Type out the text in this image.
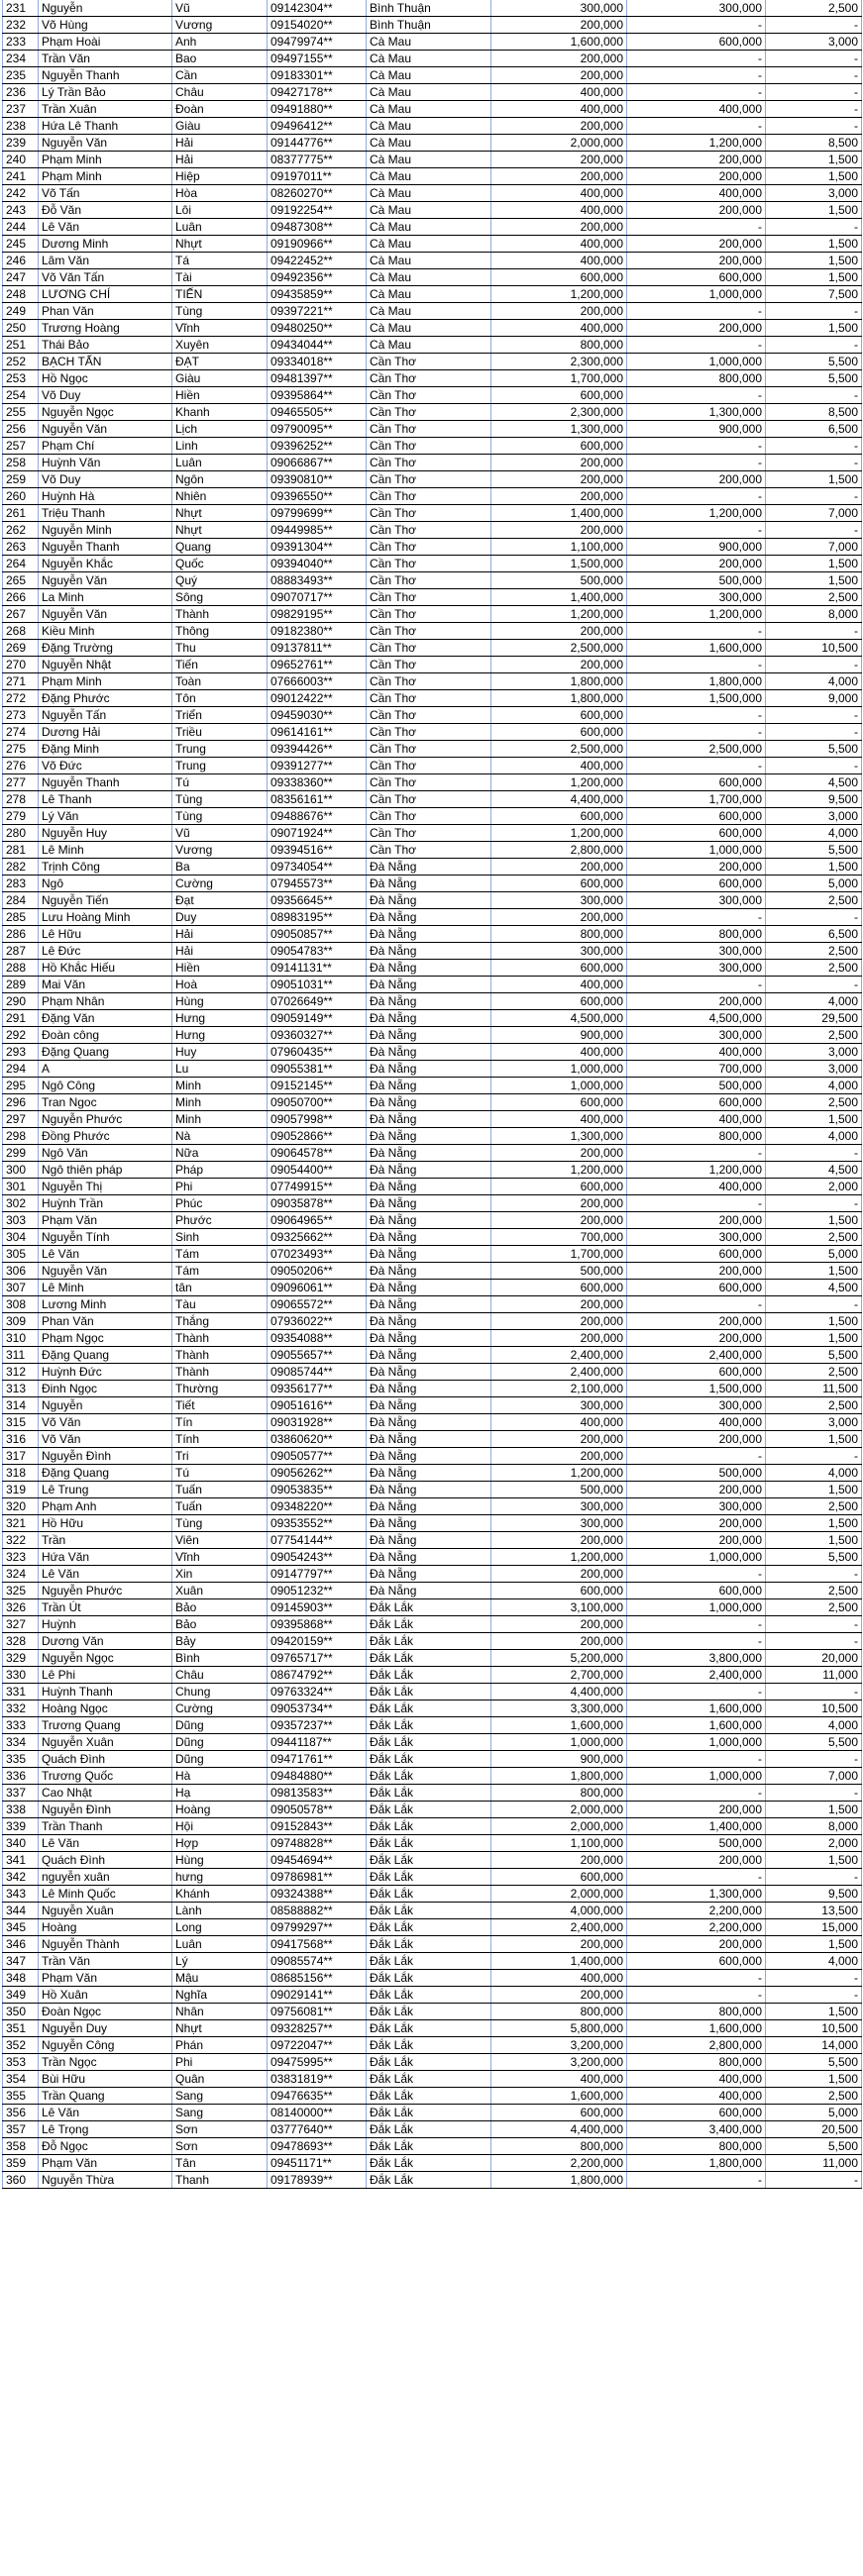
231	Nguyễn	Vũ	09142304**	Bình Thuận	300,000	300,000	2,500
232	Võ Hùng	Vương	09154020**	Bình Thuận	200,000	-	-
233	Phạm Hoài	Anh	09479974**	Cà Mau	1,600,000	600,000	3,000
234	Trần Văn	Bao	09497155**	Cà Mau	200,000	-	-
235	Nguyễn Thanh	Cần	09183301**	Cà Mau	200,000	-	-
236	Lý Trần Bảo	Châu	09427178**	Cà Mau	400,000	-	-
237	Trần Xuân	Đoàn	09491880**	Cà Mau	400,000	400,000	-
238	Hứa Lê Thanh	Giàu	09496412**	Cà Mau	200,000	-	-
239	Nguyễn Văn	Hải	09144776**	Cà Mau	2,000,000	1,200,000	8,500
240	Phạm Minh	Hải	08377775**	Cà Mau	200,000	200,000	1,500
241	Phạm Minh	Hiệp	09197011**	Cà Mau	200,000	200,000	1,500
242	Võ Tấn	Hòa	08260270**	Cà Mau	400,000	400,000	3,000
243	Đỗ Văn	Lôi	09192254**	Cà Mau	400,000	200,000	1,500
244	Lê Văn	Luân	09487308**	Cà Mau	200,000	-	-
245	Dương Minh	Nhựt	09190966**	Cà Mau	400,000	200,000	1,500
246	Lâm Văn	Tá	09422452**	Cà Mau	400,000	200,000	1,500
247	Võ Văn Tấn	Tài	09492356**	Cà Mau	600,000	600,000	1,500
248	LƯƠNG CHÍ	TIẾN	09435859**	Cà Mau	1,200,000	1,000,000	7,500
249	Phan Văn	Tùng	09397221**	Cà Mau	200,000	-	-
250	Trương Hoàng	Vĩnh	09480250**	Cà Mau	400,000	200,000	1,500
251	Thái Bảo	Xuyên	09434044**	Cà Mau	800,000	-	-
252	BẠCH TẤN	ĐẠT	09334018**	Cần Thơ	2,300,000	1,000,000	5,500
253	Hồ Ngọc	Giàu	09481397**	Cần Thơ	1,700,000	800,000	5,500
254	Võ Duy	Hiền	09395864**	Cần Thơ	600,000	-	-
255	Nguyễn Ngọc	Khanh	09465505**	Cần Thơ	2,300,000	1,300,000	8,500
256	Nguyễn Văn	Lịch	09790095**	Cần Thơ	1,300,000	900,000	6,500
257	Phạm Chí	Linh	09396252**	Cần Thơ	600,000	-	-
258	Huỳnh Văn	Luân	09066867**	Cần Thơ	200,000	-	-
259	Võ Duy	Ngôn	09390810**	Cần Thơ	200,000	200,000	1,500
260	Huỳnh Hà	Nhiên	09396550**	Cần Thơ	200,000	-	-
261	Triệu Thanh	Nhựt	09799699**	Cần Thơ	1,400,000	1,200,000	7,000
262	Nguyễn Minh	Nhựt	09449985**	Cần Thơ	200,000	-	-
263	Nguyễn Thanh	Quang	09391304**	Cần Thơ	1,100,000	900,000	7,000
264	Nguyễn Khắc	Quốc	09394040**	Cần Thơ	1,500,000	200,000	1,500
265	Nguyễn Văn	Quý	08883493**	Cần Thơ	500,000	500,000	1,500
266	La Minh	Sông	09070717**	Cần Thơ	1,400,000	300,000	2,500
267	Nguyễn Văn	Thành	09829195**	Cần Thơ	1,200,000	1,200,000	8,000
268	Kiều Minh	Thông	09182380**	Cần Thơ	200,000	-	-
269	Đặng Trường	Thu	09137811**	Cần Thơ	2,500,000	1,600,000	10,500
270	Nguyễn Nhật	Tiến	09652761**	Cần Thơ	200,000	-	-
271	Phạm Minh	Toàn	07666003**	Cần Thơ	1,800,000	1,800,000	4,000
272	Đặng Phước	Tôn	09012422**	Cần Thơ	1,800,000	1,500,000	9,000
273	Nguyễn Tấn	Triển	09459030**	Cần Thơ	600,000	-	-
274	Dương Hải	Triều	09614161**	Cần Thơ	600,000	-	-
275	Đặng Minh	Trung	09394426**	Cần Thơ	2,500,000	2,500,000	5,500
276	Võ Đức	Trung	09391277**	Cần Thơ	400,000	-	-
277	Nguyễn Thanh	Tú	09338360**	Cần Thơ	1,200,000	600,000	4,500
278	Lê Thanh	Tùng	08356161**	Cần Thơ	4,400,000	1,700,000	9,500
279	Lý Văn	Tùng	09488676**	Cần Thơ	600,000	600,000	3,000
280	Nguyễn Huy	Vũ	09071924**	Cần Thơ	1,200,000	600,000	4,000
281	Lê Minh	Vương	09394516**	Cần Thơ	2,800,000	1,000,000	5,500
282	Trịnh Công	Ba	09734054**	Đà Nẵng	200,000	200,000	1,500
283	Ngô	Cường	07945573**	Đà Nẵng	600,000	600,000	5,000
284	Nguyễn Tiến	Đạt	09356645**	Đà Nẵng	300,000	300,000	2,500
285	Lưu Hoàng Minh	Duy	08983195**	Đà Nẵng	200,000	-	-
286	Lê Hữu	Hải	09050857**	Đà Nẵng	800,000	800,000	6,500
287	Lê Đức	Hải	09054783**	Đà Nẵng	300,000	300,000	2,500
288	Hồ Khắc Hiếu	Hiền	09141131**	Đà Nẵng	600,000	300,000	2,500
289	Mai Văn	Hoà	09051031**	Đà Nẵng	400,000	-	-
290	Phạm Nhân	Hùng	07026649**	Đà Nẵng	600,000	200,000	4,000
291	Đặng Văn	Hưng	09059149**	Đà Nẵng	4,500,000	4,500,000	29,500
292	Đoàn công	Hưng	09360327**	Đà Nẵng	900,000	300,000	2,500
293	Đặng Quang	Huy	07960435**	Đà Nẵng	400,000	400,000	3,000
294	A	Lu	09055381**	Đà Nẵng	1,000,000	700,000	3,000
295	Ngô Công	Minh	09152145**	Đà Nẵng	1,000,000	500,000	4,000
296	Tran Ngoc	Minh	09050700**	Đà Nẵng	600,000	600,000	2,500
297	Nguyễn Phước	Minh	09057998**	Đà Nẵng	400,000	400,000	1,500
298	Đồng Phước	Nà	09052866**	Đà Nẵng	1,300,000	800,000	4,000
299	Ngô Văn	Nữa	09064578**	Đà Nẵng	200,000	-	-
300	Ngô thiên pháp	Pháp	09054400**	Đà Nẵng	1,200,000	1,200,000	4,500
301	Nguyễn Thị	Phi	07749915**	Đà Nẵng	600,000	400,000	2,000
302	Huỳnh Trần	Phúc	09035878**	Đà Nẵng	200,000	-	-
303	Phạm Văn	Phước	09064965**	Đà Nẵng	200,000	200,000	1,500
304	Nguyễn Tính	Sinh	09325662**	Đà Nẵng	700,000	300,000	2,500
305	Lê Văn	Tám	07023493**	Đà Nẵng	1,700,000	600,000	5,000
306	Nguyễn Văn	Tám	09050206**	Đà Nẵng	500,000	200,000	1,500
307	Lê Minh	tân	09096061**	Đà Nẵng	600,000	600,000	4,500
308	Lương Minh	Tàu	09065572**	Đà Nẵng	200,000	-	-
309	Phan Văn	Thắng	07936022**	Đà Nẵng	200,000	200,000	1,500
310	Phạm Ngọc	Thành	09354088**	Đà Nẵng	200,000	200,000	1,500
311	Đặng Quang	Thành	09055657**	Đà Nẵng	2,400,000	2,400,000	5,500
312	Huỳnh Đức	Thành	09085744**	Đà Nẵng	2,400,000	600,000	2,500
313	Đinh Ngọc	Thường	09356177**	Đà Nẵng	2,100,000	1,500,000	11,500
314	Nguyễn	Tiết	09051616**	Đà Nẵng	300,000	300,000	2,500
315	Võ Văn	Tín	09031928**	Đà Nẵng	400,000	400,000	3,000
316	Võ Văn	Tính	03860620**	Đà Nẵng	200,000	200,000	1,500
317	Nguyễn Đình	Tri	09050577**	Đà Nẵng	200,000	-	-
318	Đặng Quang	Tú	09056262**	Đà Nẵng	1,200,000	500,000	4,000
319	Lê Trung	Tuấn	09053835**	Đà Nẵng	500,000	200,000	1,500
320	Phạm Anh	Tuấn	09348220**	Đà Nẵng	300,000	300,000	2,500
321	Hồ Hữu	Tùng	09353552**	Đà Nẵng	300,000	200,000	1,500
322	Trần	Viên	07754144**	Đà Nẵng	200,000	200,000	1,500
323	Hứa Văn	Vĩnh	09054243**	Đà Nẵng	1,200,000	1,000,000	5,500
324	Lê Văn	Xin	09147797**	Đà Nẵng	200,000	-	-
325	Nguyễn Phước	Xuân	09051232**	Đà Nẵng	600,000	600,000	2,500
326	Trần Út	Bảo	09145903**	Đắk Lắk	3,100,000	1,000,000	2,500
327	Huỳnh	Bảo	09395868**	Đắk Lắk	200,000	-	-
328	Dương Văn	Bảy	09420159**	Đắk Lắk	200,000	-	-
329	Nguyễn Ngọc	Bình	09765717**	Đắk Lắk	5,200,000	3,800,000	20,000
330	Lê Phi	Châu	08674792**	Đắk Lắk	2,700,000	2,400,000	11,000
331	Huỳnh Thanh	Chung	09763324**	Đắk Lắk	4,400,000	-	-
332	Hoàng Ngọc	Cường	09053734**	Đắk Lắk	3,300,000	1,600,000	10,500
333	Trương Quang	Dũng	09357237**	Đắk Lắk	1,600,000	1,600,000	4,000
334	Nguyễn Xuân	Dũng	09441187**	Đắk Lắk	1,000,000	1,000,000	5,500
335	Quách Đình	Dũng	09471761**	Đắk Lắk	900,000	-	-
336	Trương Quốc	Hà	09484880**	Đắk Lắk	1,800,000	1,000,000	7,000
337	Cao Nhật	Hạ	09813583**	Đắk Lắk	800,000	-	-
338	Nguyễn Đình	Hoàng	09050578**	Đắk Lắk	2,000,000	200,000	1,500
339	Trần Thanh	Hội	09152843**	Đắk Lắk	2,000,000	1,400,000	8,000
340	Lê Văn	Hợp	09748828**	Đắk Lắk	1,100,000	500,000	2,000
341	Quách Đình	Hùng	09454694**	Đắk Lắk	200,000	200,000	1,500
342	nguyễn xuân	hưng	09786981**	Đắk Lắk	600,000	-	-
343	Lê Minh Quốc	Khánh	09324388**	Đắk Lắk	2,000,000	1,300,000	9,500
344	Nguyễn Xuân	Lành	08588882**	Đắk Lắk	4,000,000	2,200,000	13,500
345	Hoàng	Long	09799297**	Đắk Lắk	2,400,000	2,200,000	15,000
346	Nguyễn Thành	Luân	09417568**	Đắk Lắk	200,000	200,000	1,500
347	Trần Văn	Lý	09085574**	Đắk Lắk	1,400,000	600,000	4,000
348	Phạm Văn	Mậu	08685156**	Đắk Lắk	400,000	-	-
349	Hồ Xuân	Nghĩa	09029141**	Đắk Lắk	200,000	-	-
350	Đoàn Ngọc	Nhân	09756081**	Đắk Lắk	800,000	800,000	1,500
351	Nguyễn Duy	Nhựt	09328257**	Đắk Lắk	5,800,000	1,600,000	10,500
352	Nguyễn Công	Phán	09722047**	Đắk Lắk	3,200,000	2,800,000	14,000
353	Trần Ngọc	Phi	09475995**	Đắk Lắk	3,200,000	800,000	5,500
354	Bùi Hữu	Quân	03831819**	Đắk Lắk	400,000	400,000	1,500
355	Trần Quang	Sang	09476635**	Đắk Lắk	1,600,000	400,000	2,500
356	Lê Văn	Sang	08140000**	Đắk Lắk	600,000	600,000	5,000
357	Lê Trọng	Sơn	03777640**	Đắk Lắk	4,400,000	3,400,000	20,500
358	Đỗ Ngọc	Sơn	09478693**	Đắk Lắk	800,000	800,000	5,500
359	Phạm Văn	Tân	09451171**	Đắk Lắk	2,200,000	1,800,000	11,000
360	Nguyễn Thừa	Thanh	09178939**	Đắk Lắk	1,800,000	-	-
